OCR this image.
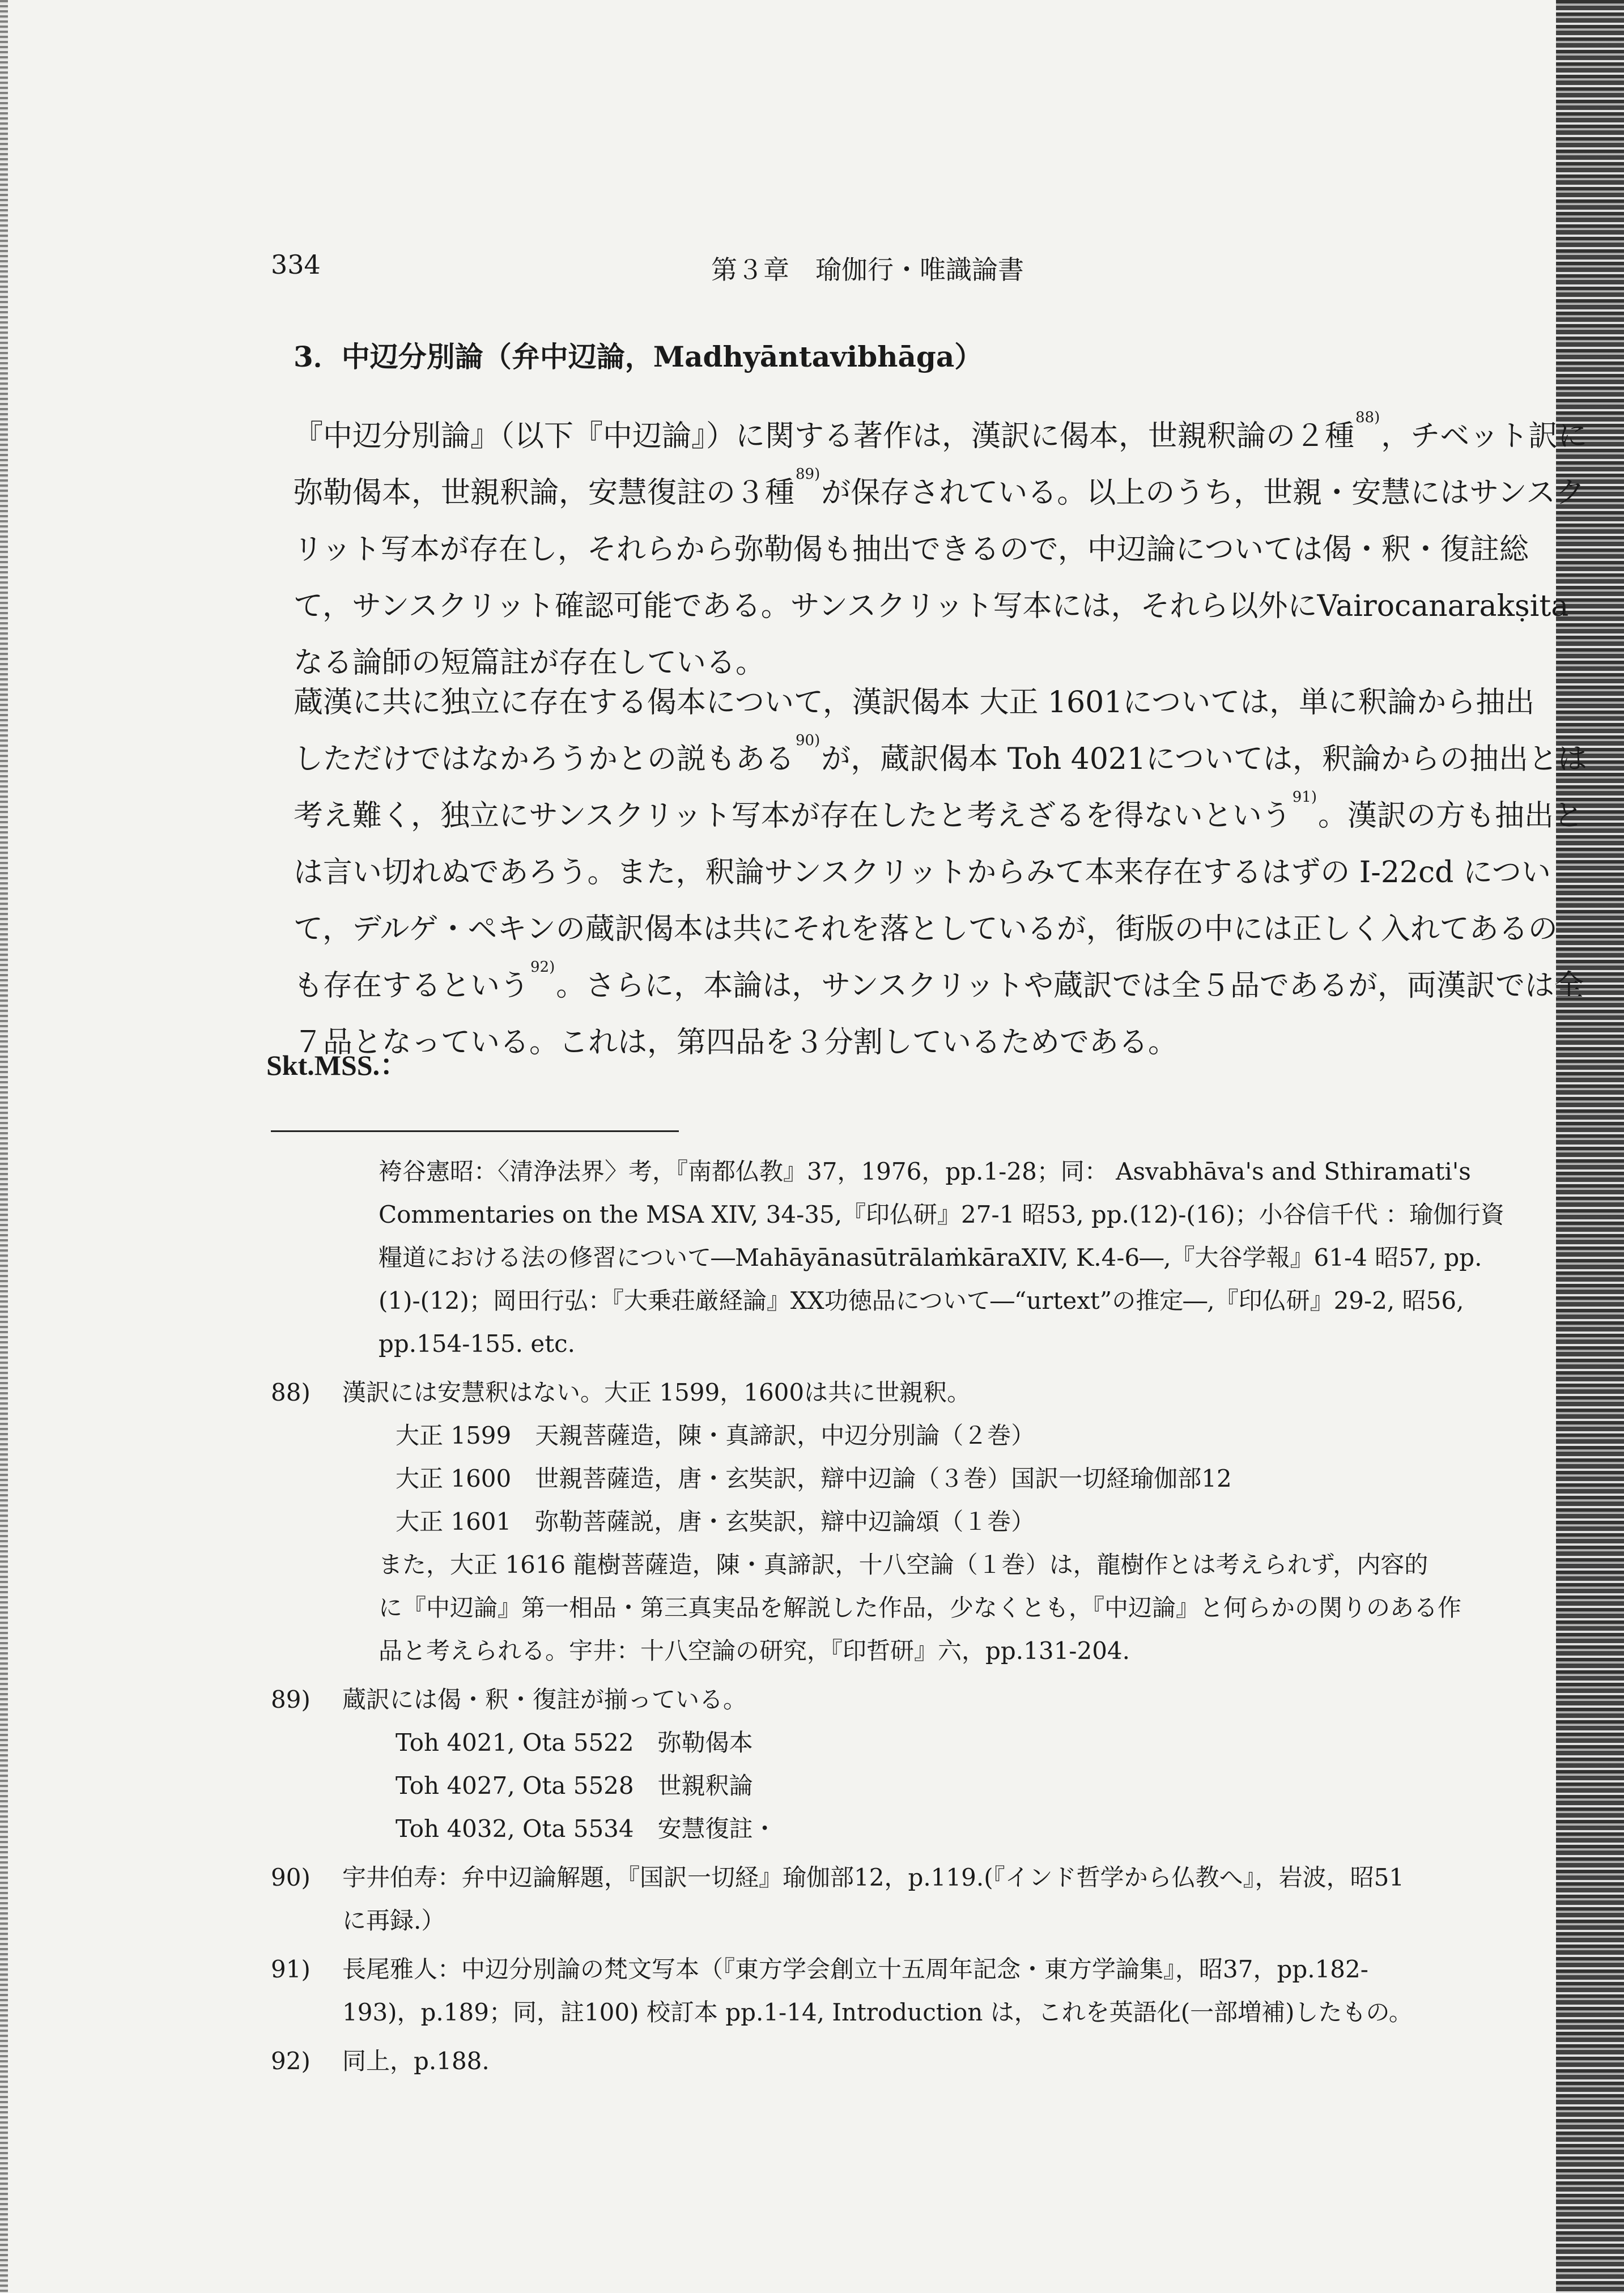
334	第３章　瑜伽行・唯識論書
3．中辺分別論（弁中辺論，Madhyāntavibhāga）
『中辺分別論』（以下『中辺論』）に関する著作は，漢訳に偈本，世親釈論の２種$^{88)}$，チベット訳に
弥勒偈本，世親釈論，安慧復註の３種$^{89)}$が保存されている。以上のうち，世親・安慧にはサンスク
リット写本が存在し，それらから弥勒偈も抽出できるので，中辺論については偈・釈・復註総
て，サンスクリット確認可能である。サンスクリット写本には，それら以外にVairocanarakṣita
なる論師の短篇註が存在している。
蔵漢に共に独立に存在する偈本について，漢訳偈本 大正 1601については，単に釈論から抽出
しただけではなかろうかとの説もある$^{90)}$が，蔵訳偈本 Toh 4021については，釈論からの抽出とは
考え難く，独立にサンスクリット写本が存在したと考えざるを得ないという$^{91)}$。漢訳の方も抽出と
は言い切れぬであろう。また，釈論サンスクリットからみて本来存在するはずの I-22cd につい
て，デルゲ・ペキンの蔵訳偈本は共にそれを落としているが，街版の中には正しく入れてあるの
も存在するという$^{92)}$。さらに，本論は，サンスクリットや蔵訳では全５品であるが，両漢訳では全
７品となっている。これは，第四品を３分割しているためである。
Skt.MSS.：
袴谷憲昭：〈清浄法界〉考，『南都仏教』37，1976，pp.1-28；同： Asvabhāva's and Sthiramati's
Commentaries on the MSA XIV, 34-35,『印仏研』27-1 昭53, pp.(12)-(16)；小谷信千代 ：瑜伽行資
糧道における法の修習について―MahāyānasūtrālaṁkāraXIV, K.4-6―,『大谷学報』61-4 昭57, pp.
(1)-(12)；岡田行弘：『大乗荘厳経論』XX功徳品について―“urtext”の推定―,『印仏研』29-2, 昭56,
pp.154-155. etc.
88) 漢訳には安慧釈はない。大正 1599，1600は共に世親釈。
大正 1599　天親菩薩造，陳・真諦訳，中辺分別論（２巻）
大正 1600　世親菩薩造，唐・玄奘訳，辯中辺論（３巻）国訳一切経瑜伽部12
大正 1601　弥勒菩薩説，唐・玄奘訳，辯中辺論頌（１巻）
また，大正 1616 龍樹菩薩造，陳・真諦訳，十八空論（１巻）は，龍樹作とは考えられず，内容的
に『中辺論』第一相品・第三真実品を解説した作品，少なくとも，『中辺論』と何らかの関りのある作
品と考えられる。宇井：十八空論の研究，『印哲研』六，pp.131-204.
89) 蔵訳には偈・釈・復註が揃っている。
Toh 4021, Ota 5522　弥勒偈本
Toh 4027, Ota 5528　世親釈論
Toh 4032, Ota 5534　安慧復註・
90) 宇井伯寿：弁中辺論解題，『国訳一切経』瑜伽部12，p.119.(『インド哲学から仏教へ』，岩波，昭51
に再録.）
91) 長尾雅人：中辺分別論の梵文写本（『東方学会創立十五周年記念・東方学論集』，昭37，pp.182-
193)，p.189；同，註100) 校訂本 pp.1-14, Introduction は，これを英語化(一部増補)したもの。
92) 同上，p.188.
